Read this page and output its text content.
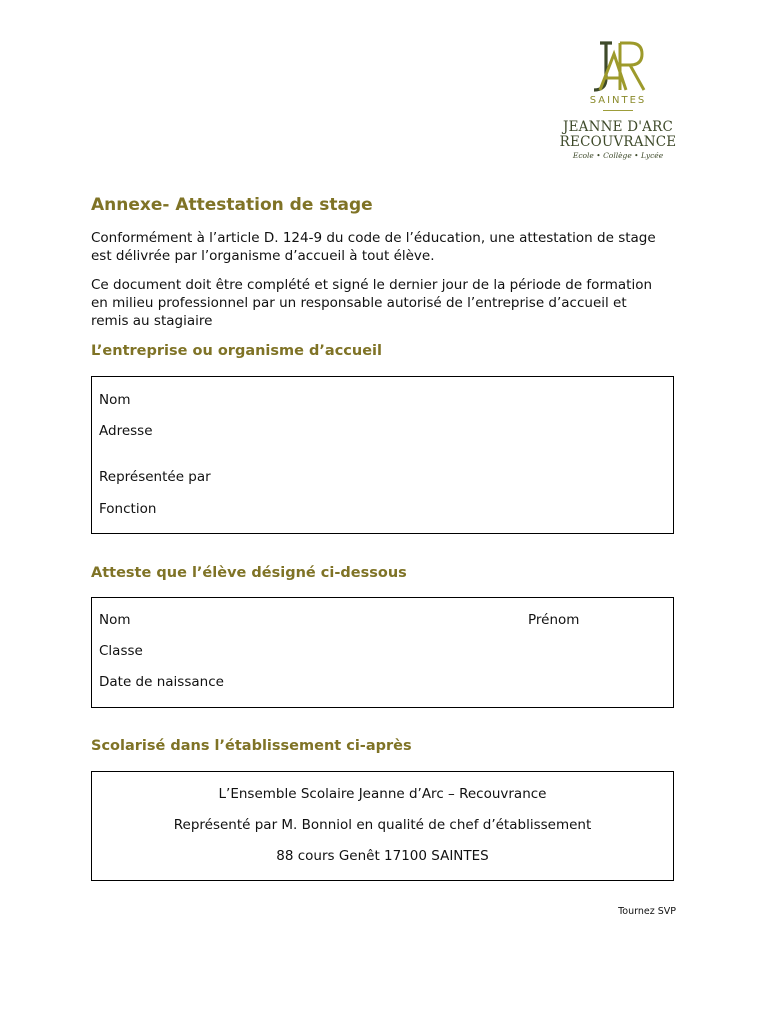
SAINTES
JEANNE D'ARC
RECOUVRANCE
Ecole • Collège • Lycée
Annexe- Attestation de stage

Conformément à l’article D. 124-9 du code de l’éducation, une attestation de stage est délivrée par l’organisme d’accueil à tout élève.

Ce document doit être complété et signé le dernier jour de la période de formation en milieu professionnel par un responsable autorisé de l’entreprise d’accueil et remis au stagiaire

L’entreprise ou organisme d’accueil
Nom
Adresse
Représentée par
Fonction
Atteste que l’élève désigné ci-dessous
Nom	Prénom
Classe
Date de naissance
Scolarisé dans l’établissement ci-après
L’Ensemble Scolaire Jeanne d’Arc – Recouvrance
Représenté par M. Bonniol en qualité de chef d’établissement
88 cours Genêt 17100 SAINTES
Tournez SVP
